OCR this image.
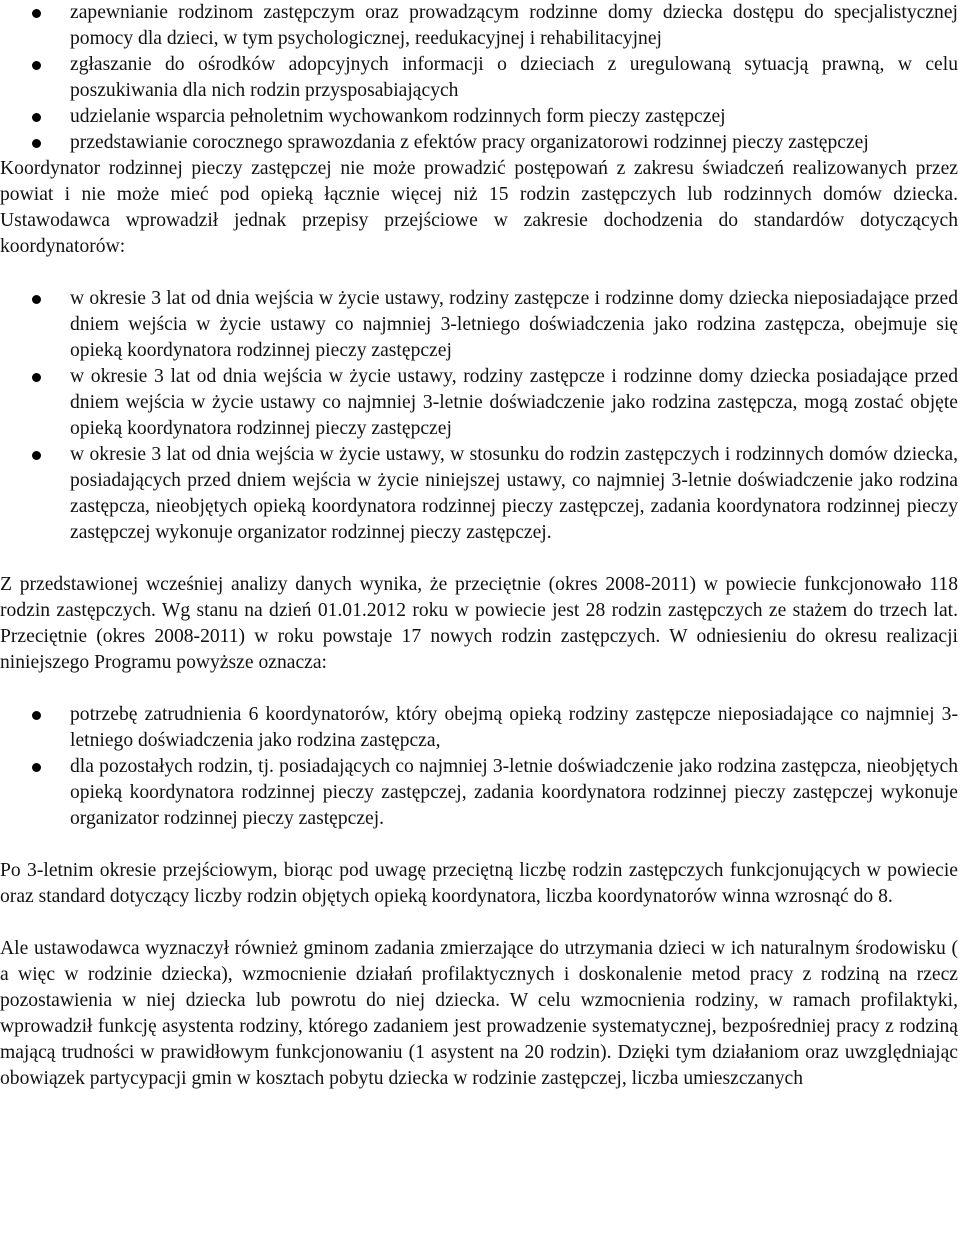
zapewnianie rodzinom zastępczym oraz prowadzącym rodzinne domy dziecka dostępu do specjalistycznej pomocy dla dzieci, w tym psychologicznej, reedukacyjnej i rehabilitacyjnej
zgłaszanie do ośrodków adopcyjnych informacji o dzieciach z uregulowaną sytuacją prawną, w celu poszukiwania dla nich rodzin przysposabiających
udzielanie wsparcia pełnoletnim wychowankom rodzinnych form pieczy zastępczej
przedstawianie corocznego sprawozdania z efektów pracy organizatorowi rodzinnej pieczy zastępczej

Koordynator rodzinnej pieczy zastępczej nie może prowadzić postępowań z zakresu świadczeń realizowanych przez powiat i nie może mieć pod opieką łącznie więcej niż 15 rodzin zastępczych lub rodzinnych domów dziecka. Ustawodawca wprowadził jednak przepisy przejściowe w zakresie dochodzenia do standardów dotyczących koordynatorów:

w okresie 3 lat od dnia wejścia w życie ustawy, rodziny zastępcze i rodzinne domy dziecka nieposiadające przed dniem wejścia w życie ustawy co najmniej 3-letniego doświadczenia jako rodzina zastępcza, obejmuje się opieką koordynatora rodzinnej pieczy zastępczej
w okresie 3 lat od dnia wejścia w życie ustawy, rodziny zastępcze i rodzinne domy dziecka posiadające przed dniem wejścia w życie ustawy co najmniej 3-letnie doświadczenie jako rodzina zastępcza, mogą zostać objęte opieką koordynatora rodzinnej pieczy zastępczej
w okresie 3 lat od dnia wejścia w życie ustawy, w stosunku do rodzin zastępczych i rodzinnych domów dziecka, posiadających przed dniem wejścia w życie niniejszej ustawy, co najmniej 3-letnie doświadczenie jako rodzina zastępcza, nieobjętych opieką koordynatora rodzinnej pieczy zastępczej, zadania koordynatora rodzinnej pieczy zastępczej wykonuje organizator rodzinnej pieczy zastępczej.

Z przedstawionej wcześniej analizy danych wynika, że przeciętnie (okres 2008-2011) w powiecie funkcjonowało 118 rodzin zastępczych. Wg stanu na dzień 01.01.2012 roku w powiecie jest 28 rodzin zastępczych ze stażem do trzech lat. Przeciętnie (okres 2008-2011) w roku powstaje 17 nowych rodzin zastępczych. W odniesieniu do okresu realizacji niniejszego Programu powyższe oznacza:

potrzebę zatrudnienia 6 koordynatorów, który obejmą opieką rodziny zastępcze nieposiadające co najmniej 3-letniego doświadczenia jako rodzina zastępcza,
dla pozostałych rodzin, tj. posiadających co najmniej 3-letnie doświadczenie jako rodzina zastępcza, nieobjętych opieką koordynatora rodzinnej pieczy zastępczej, zadania koordynatora rodzinnej pieczy zastępczej wykonuje organizator rodzinnej pieczy zastępczej.

Po 3-letnim okresie przejściowym, biorąc pod uwagę przeciętną liczbę rodzin zastępczych funkcjonujących w powiecie oraz standard dotyczący liczby rodzin objętych opieką koordynatora, liczba koordynatorów winna wzrosnąć do 8.

Ale ustawodawca wyznaczył również gminom zadania zmierzające do utrzymania dzieci w ich naturalnym środowisku ( a więc w rodzinie dziecka), wzmocnienie działań profilaktycznych i doskonalenie metod pracy z rodziną na rzecz pozostawienia w niej dziecka lub powrotu do niej dziecka. W celu wzmocnienia rodziny, w ramach profilaktyki, wprowadził funkcję asystenta rodziny, którego zadaniem jest prowadzenie systematycznej, bezpośredniej pracy z rodziną mającą trudności w prawidłowym funkcjonowaniu (1 asystent na 20 rodzin). Dzięki tym działaniom oraz uwzględniając obowiązek partycypacji gmin w kosztach pobytu dziecka w rodzinie zastępczej, liczba umieszczanych
